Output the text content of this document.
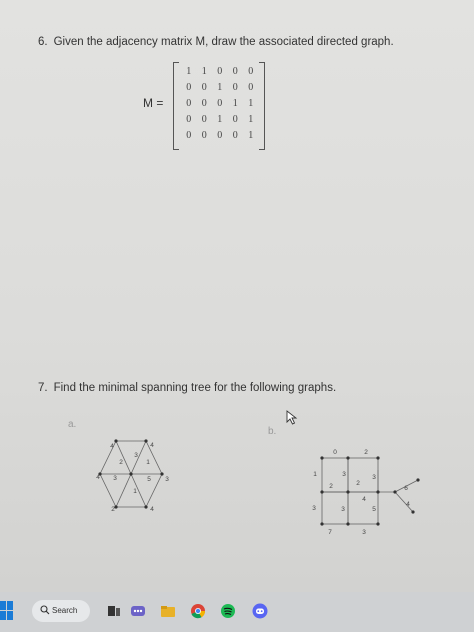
6. Given the adjacency matrix M, draw the associated directed graph.
M =
1	1	0	0	0
0	0	1	0	0
0	0	0	1	1
0	0	1	0	1
0	0	0	0	1
7. Find the minimal spanning tree for the following graphs.
a.
b.
4	4
2	1
3
4 3	5 3
1
2	4
0	2
1	3
2
3
2
4
6
3	3	5
4
7	3
Search
